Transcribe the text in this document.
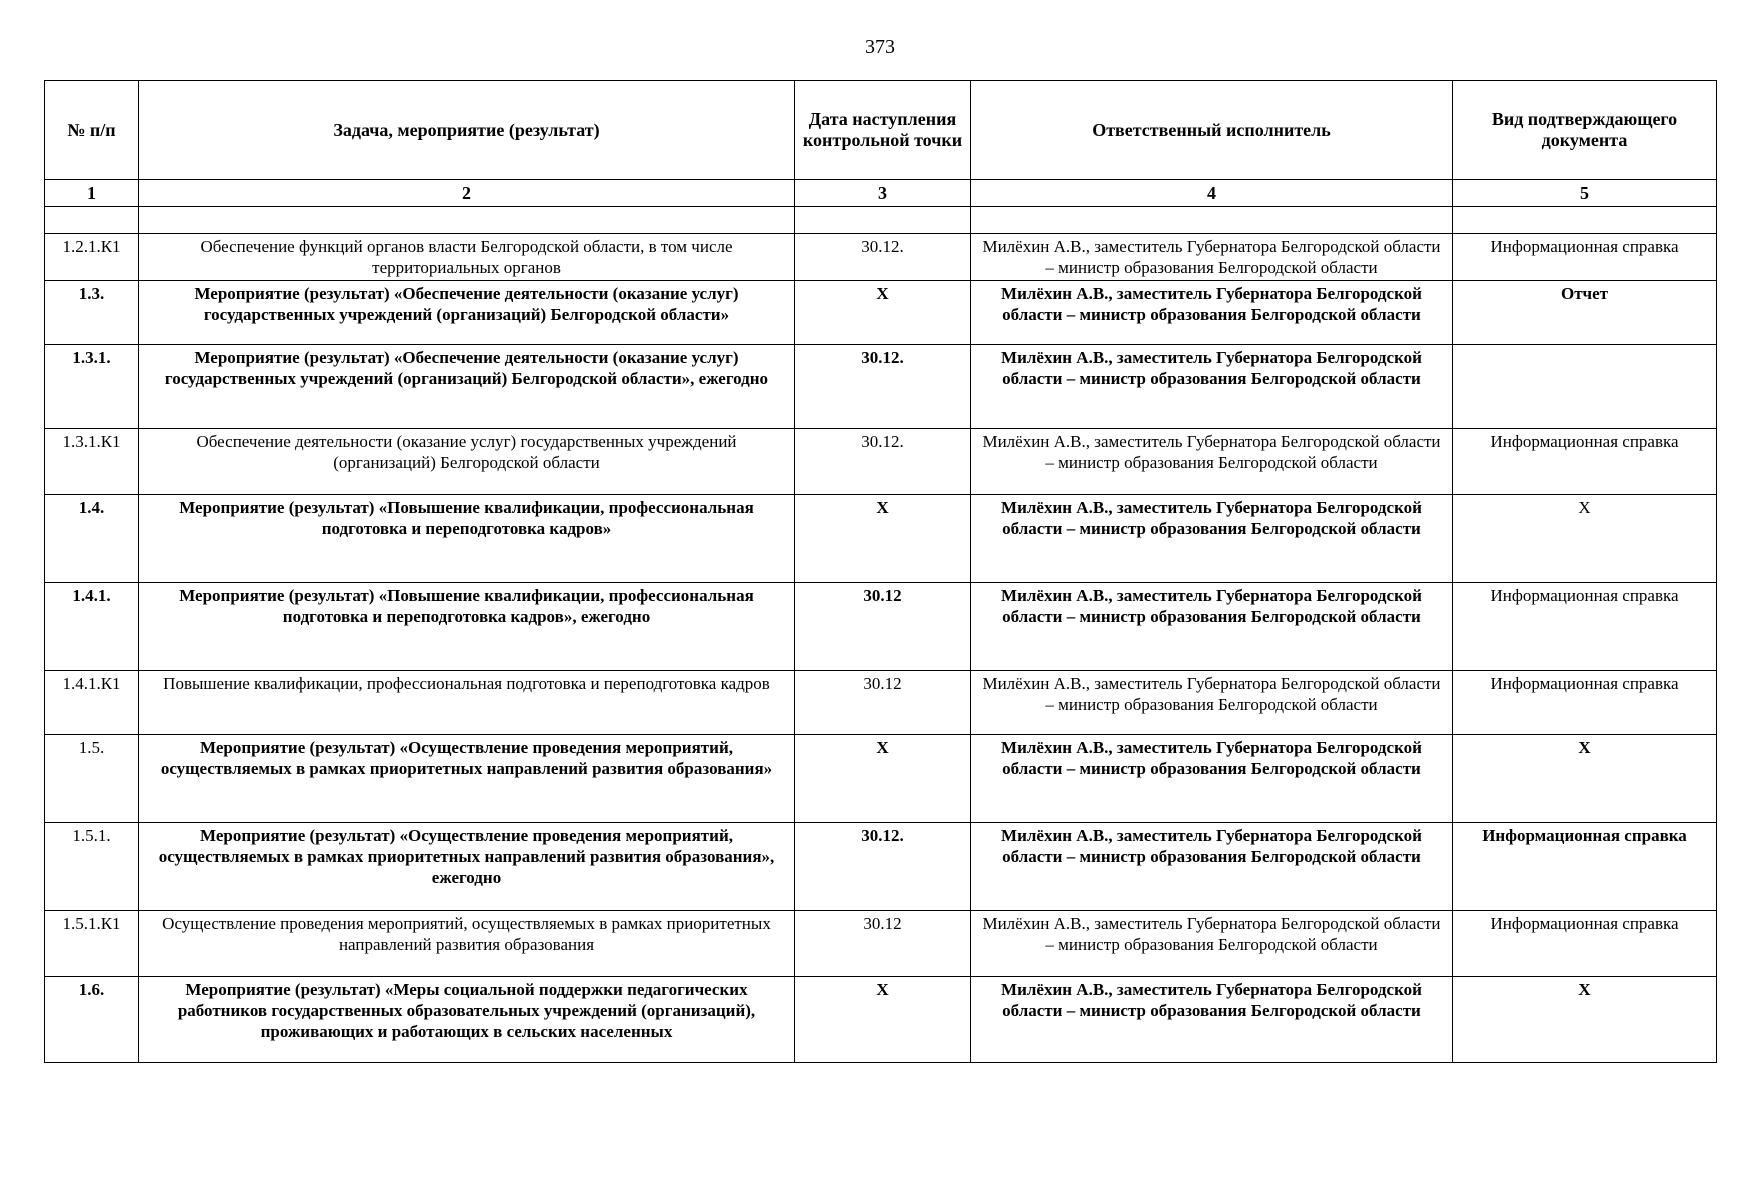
373
№ п/п	Задача, мероприятие (результат)	Дата наступления контрольной точки	Ответственный исполнитель	Вид подтверждающего документа
1	2	3	4	5

1.2.1.К1	Обеспечение функций органов власти Белгородской области, в том числе территориальных органов	30.12.	Милёхин А.В., заместитель Губернатора Белгородской области – министр образования Белгородской области	Информационная справка
1.3.	Мероприятие (результат) «Обеспечение деятельности (оказание услуг) государственных учреждений (организаций) Белгородской области»	Х	Милёхин А.В., заместитель Губернатора Белгородской области – министр образования Белгородской области	Отчет
1.3.1.	Мероприятие (результат) «Обеспечение деятельности (оказание услуг) государственных учреждений (организаций) Белгородской области», ежегодно	30.12.	Милёхин А.В., заместитель Губернатора Белгородской области – министр образования Белгородской области	
1.3.1.К1	Обеспечение деятельности (оказание услуг) государственных учреждений (организаций) Белгородской области	30.12.	Милёхин А.В., заместитель Губернатора Белгородской области – министр образования Белгородской области	Информационная справка
1.4.	Мероприятие (результат) «Повышение квалификации, профессиональная подготовка и переподготовка кадров»	Х	Милёхин А.В., заместитель Губернатора Белгородской области – министр образования Белгородской области	Х
1.4.1.	Мероприятие (результат) «Повышение квалификации, профессиональная подготовка и переподготовка кадров», ежегодно	30.12	Милёхин А.В., заместитель Губернатора Белгородской области – министр образования Белгородской области	Информационная справка
1.4.1.К1	Повышение квалификации, профессиональная подготовка и переподготовка кадров	30.12	Милёхин А.В., заместитель Губернатора Белгородской области – министр образования Белгородской области	Информационная справка
1.5.	Мероприятие (результат) «Осуществление проведения мероприятий, осуществляемых в рамках приоритетных направлений развития образования»	Х	Милёхин А.В., заместитель Губернатора Белгородской области – министр образования Белгородской области	Х
1.5.1.	Мероприятие (результат) «Осуществление проведения мероприятий, осуществляемых в рамках приоритетных направлений развития образования», ежегодно	30.12.	Милёхин А.В., заместитель Губернатора Белгородской области – министр образования Белгородской области	Информационная справка
1.5.1.К1	Осуществление проведения мероприятий, осуществляемых в рамках приоритетных направлений развития образования	30.12	Милёхин А.В., заместитель Губернатора Белгородской области – министр образования Белгородской области	Информационная справка
1.6.	Мероприятие (результат) «Меры социальной поддержки педагогических работников государственных образовательных учреждений (организаций), проживающих и работающих в сельских населенных	Х	Милёхин А.В., заместитель Губернатора Белгородской области – министр образования Белгородской области	Х
